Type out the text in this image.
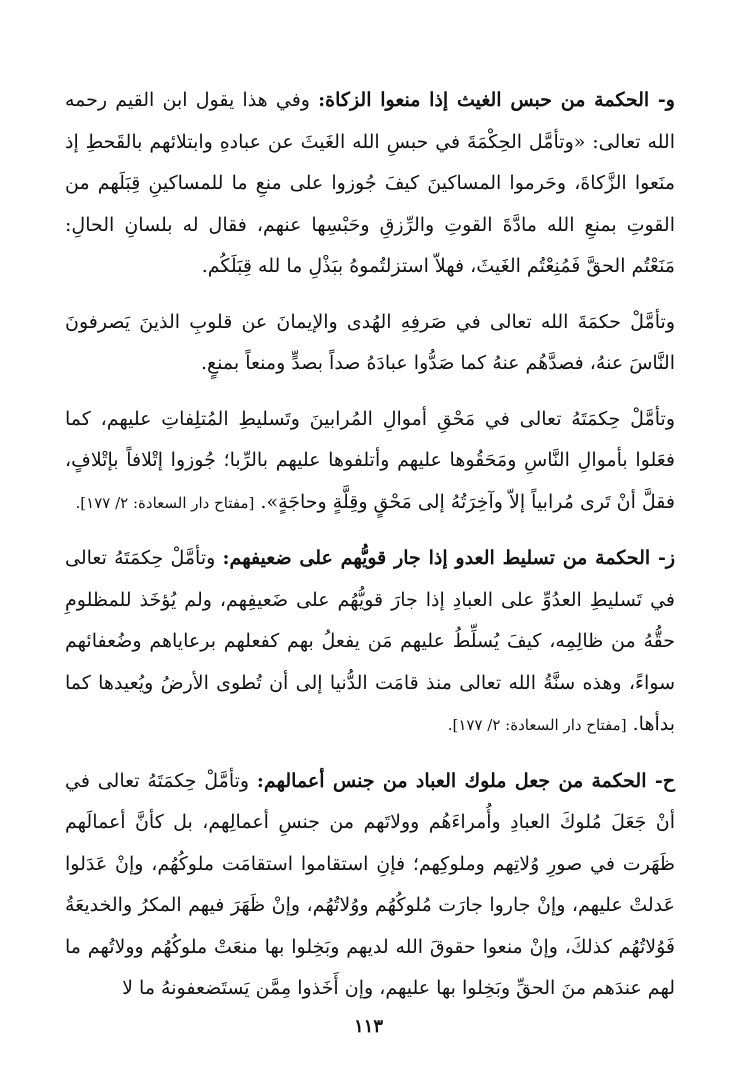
و- الحكمة من حبس الغيث إذا منعوا الزكاة: وفي هذا يقول ابن القيم رحمه الله تعالى: «وتأمَّل الحِكْمَةَ في حبسِ الله الغَيثَ عن عبادهِ وابتلائهم بالقَحطِ إذ منَعوا الزَّكاةَ، وحَرموا المساكينَ كيفَ جُوزوا على منعِ ما للمساكينِ قِبَلَهم من القوتِ بمنعِ الله مادَّةَ القوتِ والرِّزقِ وحَبْسِها عنهم، فقال له بلسانِ الحالِ: مَنَعْتُم الحقَّ فَمُنِعْتُم الغَيثَ، فهلاّ استزلتُموهُ ببَذْلِ ما لله قِبَلَكُم.

وتأمَّلْ حكمَةَ الله تعالى في صَرفِهِ الهُدى والإيمانَ عن قلوبِ الذينَ يَصرفونَ النَّاسَ عنهُ، فصدَّهُم عنهُ كما صَدُّوا عبادَهُ صداً بصدٍّ ومنعاً بمنعٍ.

وتأمَّلْ حِكمَتَهُ تعالى في مَحْقِ أموالِ المُرابينَ وتَسليطِ المُتلِفاتِ عليهم، كما فعَلوا بأموالِ النَّاسِ ومَحَقُوها عليهم وأتلفوها عليهم بالرِّبا؛ جُوزوا إتْلافاً بإتْلافٍ، فقلَّ أنْ تَرى مُرابياً إلاّ وآخِرَتُهُ إلى مَحْقٍ وقِلَّةٍ وحاجَةٍ». [مفتاح دار السعادة: ٢/ ١٧٧].

ز- الحكمة من تسليط العدو إذا جار قويُّهم على ضعيفهم: وتأمَّلْ حِكمَتَهُ تعالى في تَسليطِ العدُوِّ على العبادِ إذا جارَ قويُّهُم على ضَعيفِهم، ولم يُؤخَذ للمظلومِ حقُّهُ من ظالِمِه، كيفَ يُسلِّطُ عليهم مَن يفعلُ بهم كفعلهم برعاياهم وضُعفائهم سواءً، وهذه سنَّةُ الله تعالى منذ قامَت الدُّنيا إلى أن تُطوى الأرضُ ويُعيدها كما بدأها. [مفتاح دار السعادة: ٢/ ١٧٧].

ح- الحكمة من جعل ملوك العباد من جنس أعمالهم: وتأمَّلْ حِكمَتَهُ تعالى في أنْ جَعَلَ مُلوكَ العبادِ وأُمراءَهُم وولاتَهم من جنسِ أعمالِهم، بل كأنَّ أعمالَهم ظَهَرت في صورِ وُلاتِهم وملوكِهم؛ فإنِ استقاموا استقامَت ملوكُهُم، وإنْ عَدَلوا عَدلتْ عليهم، وإنْ جاروا جارَت مُلوكُهُم ووُلاتُهُم، وإنْ ظَهَرَ فيهم المكرُ والخديعَةُ فَوُلاتُهُم كذلكَ، وإنْ منعوا حقوقَ الله لديهم وبَخِلوا بها منعَتْ ملوكُهُم وولاتُهم ما لهم عندَهم منَ الحقِّ وبَخِلوا بها عليهم، وإن أَخَذوا مِمَّن يَستَضعفونهُ ما لا

١١٣
